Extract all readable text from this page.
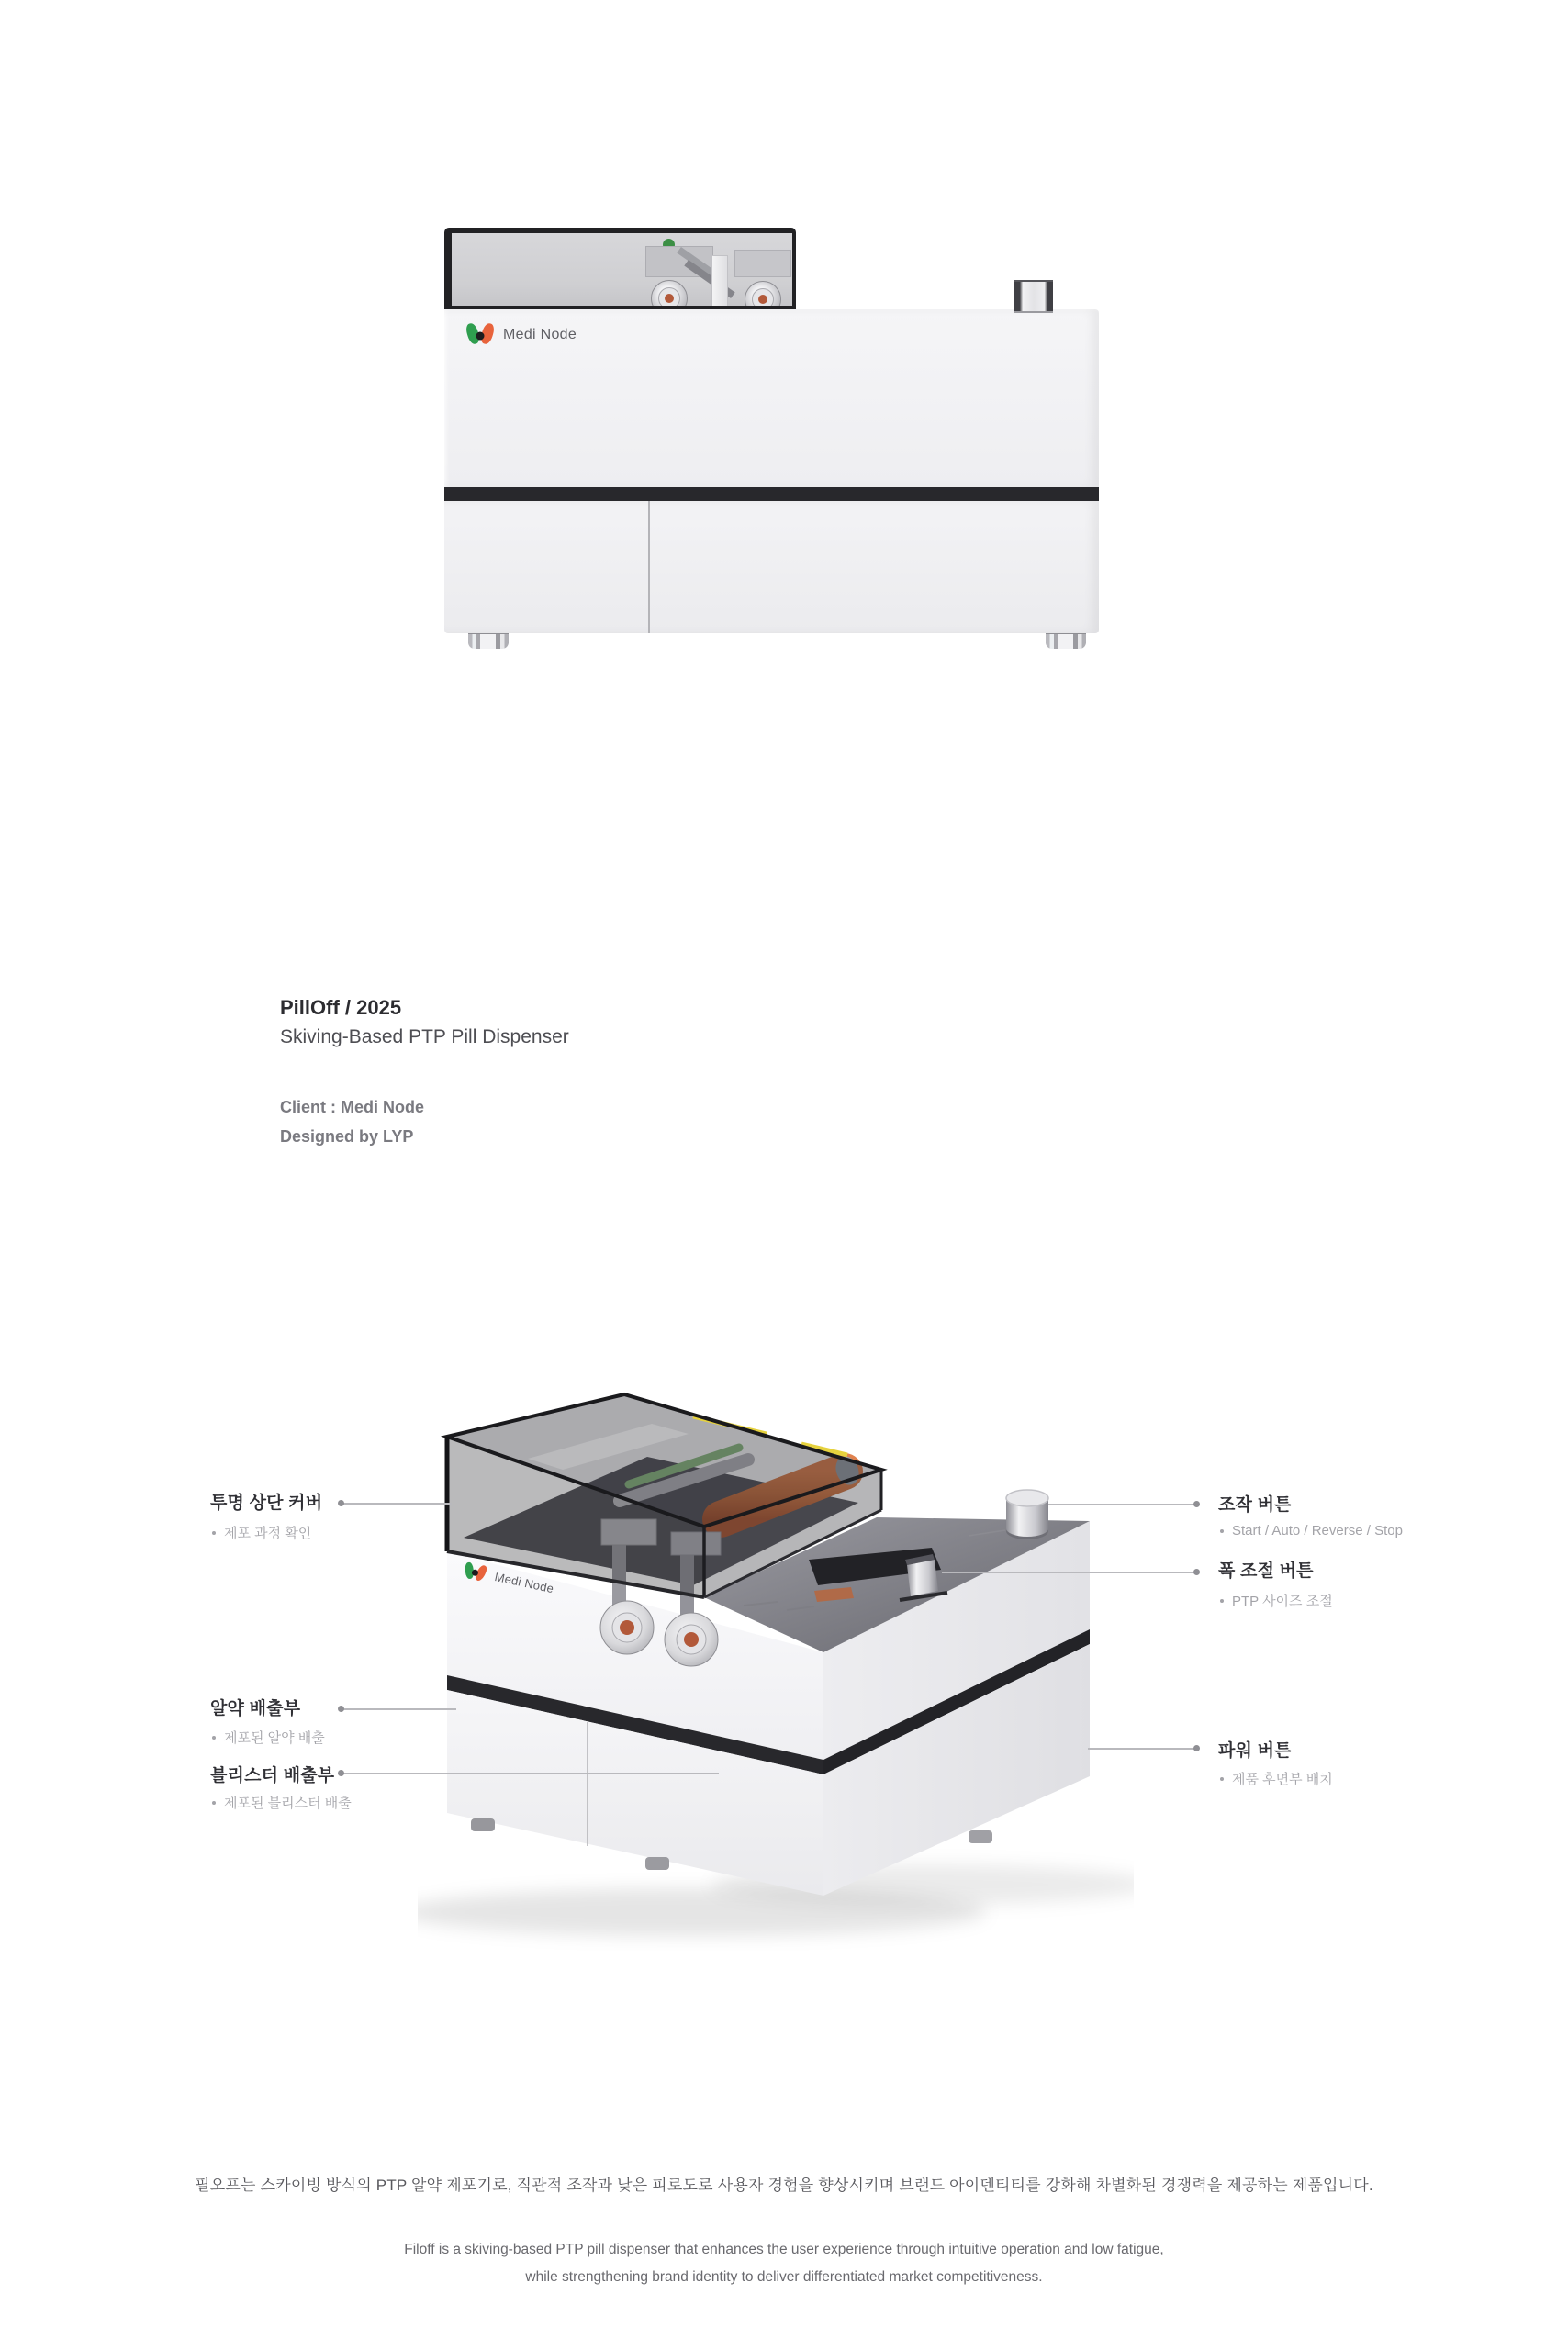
Medi Node
PillOff / 2025
Skiving-Based PTP Pill Dispenser
Client : Medi Node
Designed by LYP
Medi Node
투명 상단 커버
제포 과정 확인
알약 배출부
제포된 알약 배출
블리스터 배출부
제포된 블리스터 배출
조작 버튼
Start / Auto / Reverse / Stop
폭 조절 버튼
PTP 사이즈 조절
파워 버튼
제품 후면부 배치
필오프는 스카이빙 방식의 PTP 알약 제포기로, 직관적 조작과 낮은 피로도로 사용자 경험을 향상시키며 브랜드 아이덴티티를 강화해 차별화된 경쟁력을 제공하는 제품입니다.
Filoff is a skiving-based PTP pill dispenser that enhances the user experience through intuitive operation and low fatigue,
while strengthening brand identity to deliver differentiated market competitiveness.
